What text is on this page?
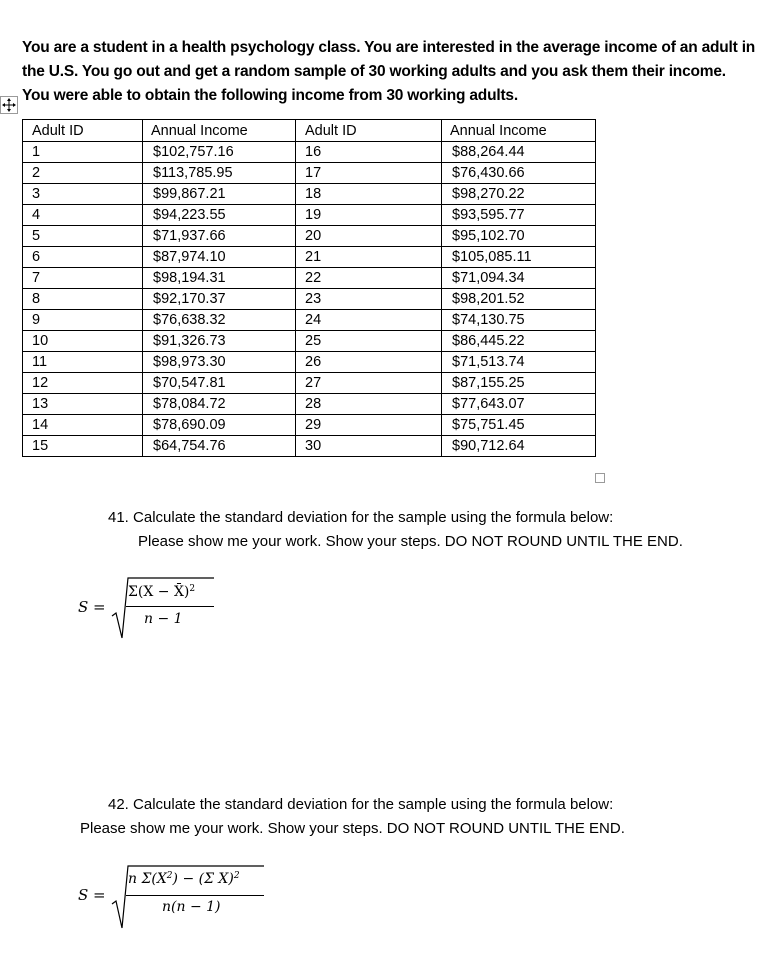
You are a student in a health psychology class. You are interested in the average income of an adult in
the U.S. You go out and get a random sample of 30 working adults and you ask them their income.
You were able to obtain the following income from 30 working adults.
Adult ID	Annual Income	Adult ID	Annual Income
1	$102,757.16	16	$88,264.44
2	$113,785.95	17	$76,430.66
3	$99,867.21	18	$98,270.22
4	$94,223.55	19	$93,595.77
5	$71,937.66	20	$95,102.70
6	$87,974.10	21	$105,085.11
7	$98,194.31	22	$71,094.34
8	$92,170.37	23	$98,201.52
9	$76,638.32	24	$74,130.75
10	$91,326.73	25	$86,445.22
11	$98,973.30	26	$71,513.74
12	$70,547.81	27	$87,155.25
13	$78,084.72	28	$77,643.07
14	$78,690.09	29	$75,751.45
15	$64,754.76	30	$90,712.64
41. Calculate the standard deviation for the sample using the formula below:
Please show me your work. Show your steps. DO NOT ROUND UNTIL THE END.
S =
Σ(X − X̄)$^2$
n − 1
42. Calculate the standard deviation for the sample using the formula below:
Please show me your work. Show your steps. DO NOT ROUND UNTIL THE END.
S =
n $\Sigma(X^2) - (\Sigma$ X)$^2$
n(n − 1)
